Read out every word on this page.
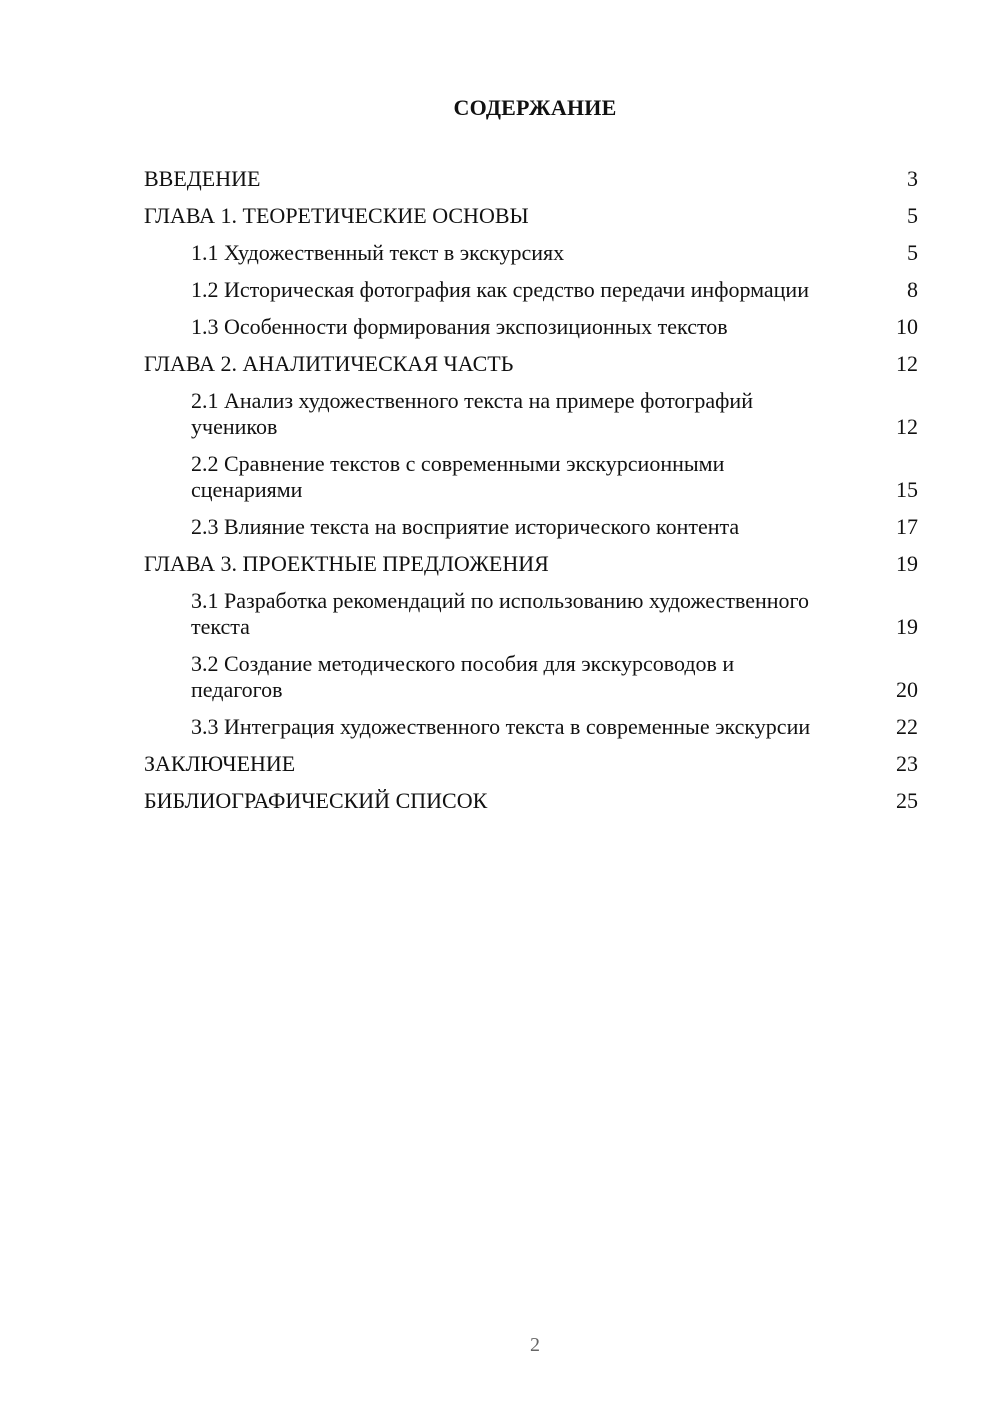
СОДЕРЖАНИЕ
ВВЕДЕНИЕ	3
ГЛАВА 1. ТЕОРЕТИЧЕСКИЕ ОСНОВЫ	5
1.1 Художественный текст в экскурсиях	5
1.2 Историческая фотография как средство передачи информации	8
1.3 Особенности формирования экспозиционных текстов	10
ГЛАВА 2. АНАЛИТИЧЕСКАЯ ЧАСТЬ	12
2.1 Анализ художественного текста на примере фотографий учеников	12
2.2 Сравнение текстов с современными экскурсионными сценариями	15
2.3 Влияние текста на восприятие исторического контента	17
ГЛАВА 3. ПРОЕКТНЫЕ ПРЕДЛОЖЕНИЯ	19
3.1 Разработка рекомендаций по использованию художественного текста	19
3.2 Создание методического пособия для экскурсоводов и педагогов	20
3.3 Интеграция художественного текста в современные экскурсии	22
ЗАКЛЮЧЕНИЕ	23
БИБЛИОГРАФИЧЕСКИЙ СПИСОК	25
2
